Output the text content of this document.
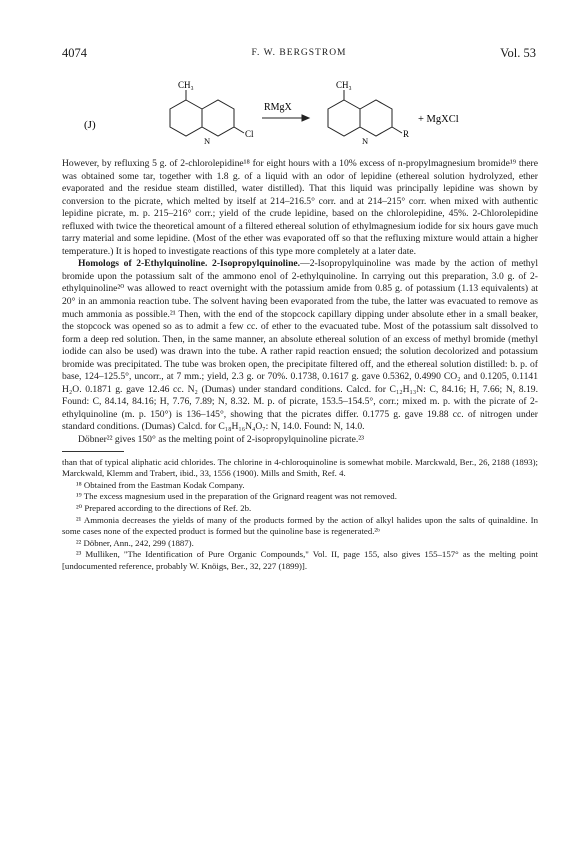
4074	F. W. BERGSTROM	Vol. 53
(J)
CH₃
N
Cl
RMgX
CH₃
N
R
+ MgXCl

However, by refluxing 5 g. of 2-chlorolepidine¹⁸ for eight hours with a 10% excess of n-propylmagnesium bromide¹⁹ there was obtained some tar, together with 1.8 g. of a liquid with an odor of lepidine (ethereal solution hydrolyzed, ether evaporated and the residue steam distilled, water distilled). That this liquid was principally lepidine was shown by conversion to the picrate, which melted by itself at 214–216.5° corr. and at 214–215° corr. when mixed with authentic lepidine picrate, m. p. 215–216° corr.; yield of the crude lepidine, based on the chlorolepidine, 45%. 2-Chlorolepidine refluxed with twice the theoretical amount of a filtered ethereal solution of ethylmagnesium iodide for six hours gave much tarry material and some lepidine. (Most of the ether was evaporated off so that the refluxing mixture would attain a higher temperature.) It is hoped to investigate reactions of this type more completely at a later date.

Homologs of 2-Ethylquinoline. 2-Isopropylquinoline.—2-Isopropylquinoline was made by the action of methyl bromide upon the potassium salt of the ammono enol of 2-ethylquinoline. In carrying out this preparation, 3.0 g. of 2-ethylquinoline²⁰ was allowed to react overnight with the potassium amide from 0.85 g. of potassium (1.13 equivalents) at 20° in an ammonia reaction tube. The solvent having been evaporated from the tube, the latter was evacuated to remove as much ammonia as possible.²¹ Then, with the end of the stopcock capillary dipping under absolute ether in a small beaker, the stopcock was opened so as to admit a few cc. of ether to the evacuated tube. Most of the potassium salt dissolved to form a deep red solution. Then, in the same manner, an absolute ethereal solution of an excess of methyl bromide (methyl iodide can also be used) was drawn into the tube. A rather rapid reaction ensued; the solution decolorized and potassium bromide was precipitated. The tube was broken open, the precipitate filtered off, and the ethereal solution distilled: b. p. of base, 124–125.5°, uncorr., at 7 mm.; yield, 2.3 g. or 70%. 0.1738, 0.1617 g. gave 0.5362, 0.4990 CO₂ and 0.1205, 0.1141 H₂O. 0.1871 g. gave 12.46 cc. N₂ (Dumas) under standard conditions. Calcd. for C₁₂H₁₃N: C, 84.16; H, 7.66; N, 8.19. Found: C, 84.14, 84.16; H, 7.76, 7.89; N, 8.32. M. p. of picrate, 153.5–154.5°, corr.; mixed m. p. with the picrate of 2-ethylquinoline (m. p. 150°) is 136–145°, showing that the picrates differ. 0.1775 g. gave 19.88 cc. of nitrogen under standard conditions. (Dumas) Calcd. for C₁₈H₁₆N₄O₇: N, 14.0. Found: N, 14.0.

Döbner²² gives 150° as the melting point of 2-isopropylquinoline picrate.²³

than that of typical aliphatic acid chlorides. The chlorine in 4-chloroquinoline is somewhat mobile. Marckwald, Ber., 26, 2188 (1893); Marckwald, Klemm and Trabert, ibid., 33, 1556 (1900). Mills and Smith, Ref. 4.

¹⁸ Obtained from the Eastman Kodak Company.

¹⁹ The excess magnesium used in the preparation of the Grignard reagent was not removed.

²⁰ Prepared according to the directions of Ref. 2b.

²¹ Ammonia decreases the yields of many of the products formed by the action of alkyl halides upon the salts of quinaldine. In some cases none of the expected product is formed but the quinoline base is regenerated.²ᵇ

²² Döbner, Ann., 242, 299 (1887).

²³ Mulliken, "The Identification of Pure Organic Compounds," Vol. II, page 155, also gives 155–157° as the melting point [undocumented reference, probably W. Knöigs, Ber., 32, 227 (1899)].
